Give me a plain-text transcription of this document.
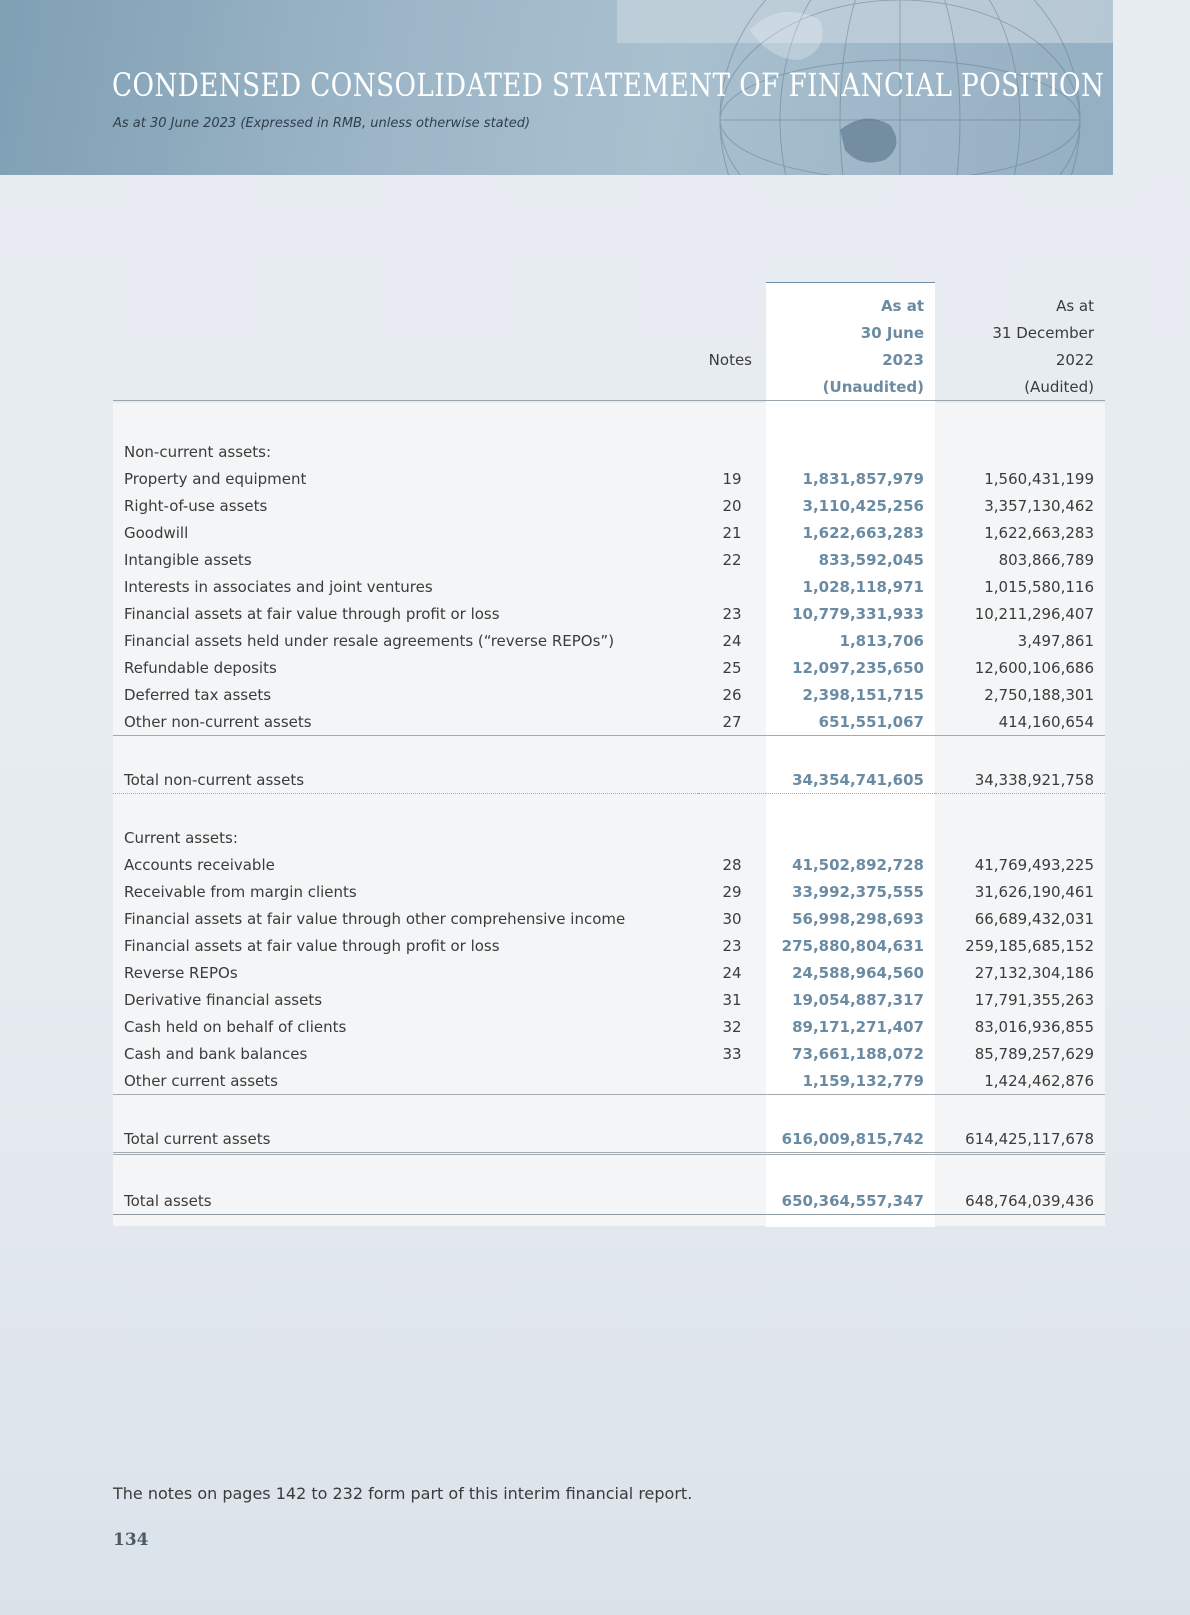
CONDENSED CONSOLIDATED STATEMENT OF FINANCIAL POSITION

As at 30 June 2023 (Expressed in RMB, unless otherwise stated)

		As at	As at
		30 June	31 December
	Notes	2023	2022
		(Unaudited)	(Audited)

Non-current assets:			
Property and equipment	19	1,831,857,979	1,560,431,199
Right-of-use assets	20	3,110,425,256	3,357,130,462
Goodwill	21	1,622,663,283	1,622,663,283
Intangible assets	22	833,592,045	803,866,789
Interests in associates and joint ventures		1,028,118,971	1,015,580,116
Financial assets at fair value through profit or loss	23	10,779,331,933	10,211,296,407
Financial assets held under resale agreements (“reverse REPOs”)	24	1,813,706	3,497,861
Refundable deposits	25	12,097,235,650	12,600,106,686
Deferred tax assets	26	2,398,151,715	2,750,188,301
Other non-current assets	27	651,551,067	414,160,654

Total non-current assets		34,354,741,605	34,338,921,758

Current assets:			
Accounts receivable	28	41,502,892,728	41,769,493,225
Receivable from margin clients	29	33,992,375,555	31,626,190,461
Financial assets at fair value through other comprehensive income	30	56,998,298,693	66,689,432,031
Financial assets at fair value through profit or loss	23	275,880,804,631	259,185,685,152
Reverse REPOs	24	24,588,964,560	27,132,304,186
Derivative financial assets	31	19,054,887,317	17,791,355,263
Cash held on behalf of clients	32	89,171,271,407	83,016,936,855
Cash and bank balances	33	73,661,188,072	85,789,257,629
Other current assets		1,159,132,779	1,424,462,876

Total current assets		616,009,815,742	614,425,117,678

Total assets		650,364,557,347	648,764,039,436

The notes on pages 142 to 232 form part of this interim financial report.

134
